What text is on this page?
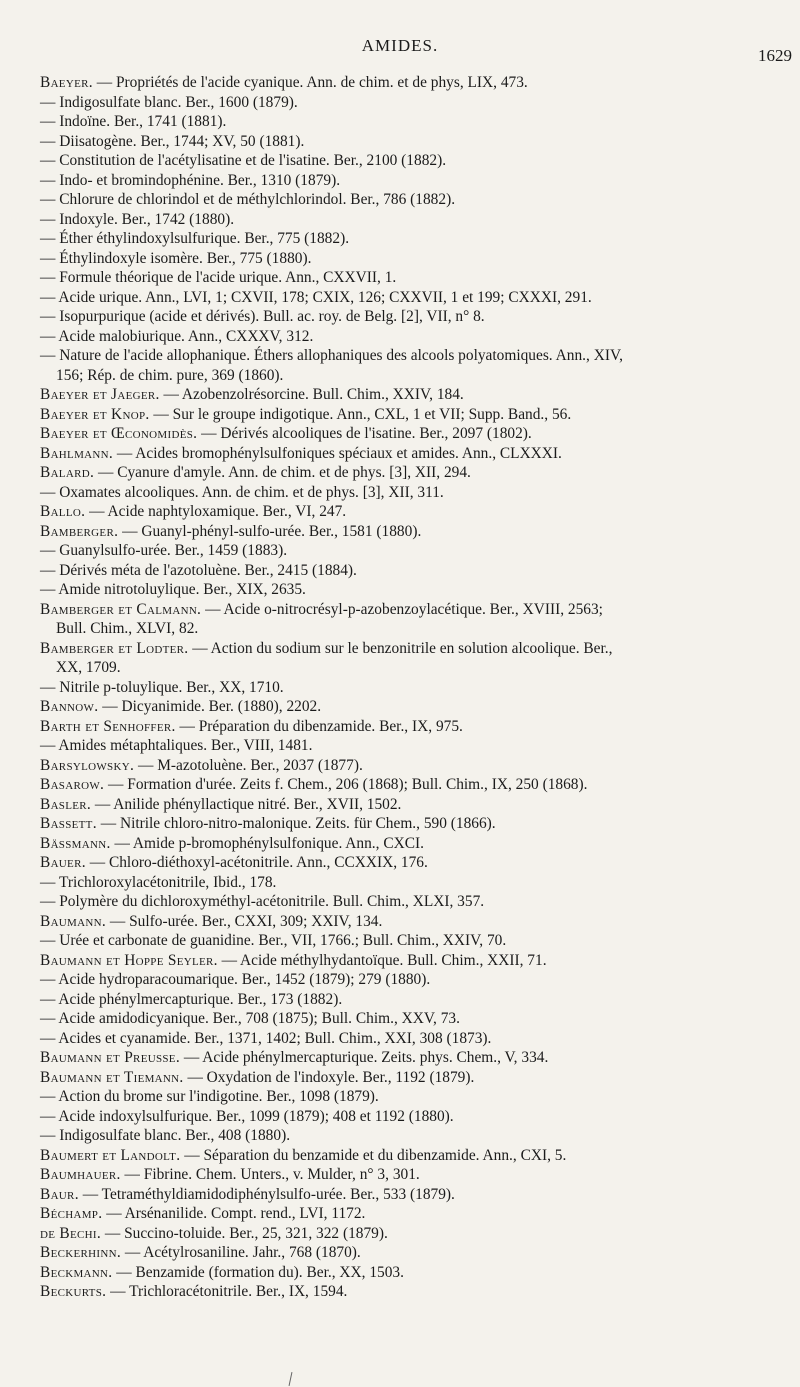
AMIDES.
1629
Baeyer. — Propriétés de l'acide cyanique. Ann. de chim. et de phys, LIX, 473.
— Indigosulfate blanc. Ber., 1600 (1879).
— Indoïne. Ber., 1741 (1881).
— Diisatogène. Ber., 1744; XV, 50 (1881).
— Constitution de l'acétylisatine et de l'isatine. Ber., 2100 (1882).
— Indo- et bromindophénine. Ber., 1310 (1879).
— Chlorure de chlorindol et de méthylchlorindol. Ber., 786 (1882).
— Indoxyle. Ber., 1742 (1880).
— Éther éthylindoxylsulfurique. Ber., 775 (1882).
— Éthylindoxyle isomère. Ber., 775 (1880).
— Formule théorique de l'acide urique. Ann., CXXVII, 1.
— Acide urique. Ann., LVI, 1; CXVII, 178; CXIX, 126; CXXVII, 1 et 199; CXXXI, 291.
— Isopurpurique (acide et dérivés). Bull. ac. roy. de Belg. [2], VII, n° 8.
— Acide malobiurique. Ann., CXXXV, 312.
— Nature de l'acide allophanique. Éthers allophaniques des alcools polyatomiques. Ann., XIV,
156; Rép. de chim. pure, 369 (1860).
Baeyer et Jaeger. — Azobenzolrésorcine. Bull. Chim., XXIV, 184.
Baeyer et Knop. — Sur le groupe indigotique. Ann., CXL, 1 et VII; Supp. Band., 56.
Baeyer et Œconomidès. — Dérivés alcooliques de l'isatine. Ber., 2097 (1802).
Bahlmann. — Acides bromophénylsulfoniques spéciaux et amides. Ann., CLXXXI.
Balard. — Cyanure d'amyle. Ann. de chim. et de phys. [3], XII, 294.
— Oxamates alcooliques. Ann. de chim. et de phys. [3], XII, 311.
Ballo. — Acide naphtyloxamique. Ber., VI, 247.
Bamberger. — Guanyl-phényl-sulfo-urée. Ber., 1581 (1880).
— Guanylsulfo-urée. Ber., 1459 (1883).
— Dérivés méta de l'azotoluène. Ber., 2415 (1884).
— Amide nitrotoluylique. Ber., XIX, 2635.
Bamberger et Calmann. — Acide o-nitrocrésyl-p-azobenzoylacétique. Ber., XVIII, 2563;
Bull. Chim., XLVI, 82.
Bamberger et Lodter. — Action du sodium sur le benzonitrile en solution alcoolique. Ber.,
XX, 1709.
— Nitrile p-toluylique. Ber., XX, 1710.
Bannow. — Dicyanimide. Ber. (1880), 2202.
Barth et Senhoffer. — Préparation du dibenzamide. Ber., IX, 975.
— Amides métaphtaliques. Ber., VIII, 1481.
Barsylowsky. — M-azotoluène. Ber., 2037 (1877).
Basarow. — Formation d'urée. Zeits f. Chem., 206 (1868); Bull. Chim., IX, 250 (1868).
Basler. — Anilide phényllactique nitré. Ber., XVII, 1502.
Bassett. — Nitrile chloro-nitro-malonique. Zeits. für Chem., 590 (1866).
Bässmann. — Amide p-bromophénylsulfonique. Ann., CXCI.
Bauer. — Chloro-diéthoxyl-acétonitrile. Ann., CCXXIX, 176.
— Trichloroxylacétonitrile, Ibid., 178.
— Polymère du dichloroxyméthyl-acétonitrile. Bull. Chim., XLXI, 357.
Baumann. — Sulfo-urée. Ber., CXXI, 309; XXIV, 134.
— Urée et carbonate de guanidine. Ber., VII, 1766.; Bull. Chim., XXIV, 70.
Baumann et Hoppe Seyler. — Acide méthylhydantoïque. Bull. Chim., XXII, 71.
— Acide hydroparacoumarique. Ber., 1452 (1879); 279 (1880).
— Acide phénylmercapturique. Ber., 173 (1882).
— Acide amidodicyanique. Ber., 708 (1875); Bull. Chim., XXV, 73.
— Acides et cyanamide. Ber., 1371, 1402; Bull. Chim., XXI, 308 (1873).
Baumann et Preusse. — Acide phénylmercapturique. Zeits. phys. Chem., V, 334.
Baumann et Tiemann. — Oxydation de l'indoxyle. Ber., 1192 (1879).
— Action du brome sur l'indigotine. Ber., 1098 (1879).
— Acide indoxylsulfurique. Ber., 1099 (1879); 408 et 1192 (1880).
— Indigosulfate blanc. Ber., 408 (1880).
Baumert et Landolt. — Séparation du benzamide et du dibenzamide. Ann., CXI, 5.
Baumhauer. — Fibrine. Chem. Unters., v. Mulder, n° 3, 301.
Baur. — Tetraméthyldiamidodiphénylsulfo-urée. Ber., 533 (1879).
Béchamp. — Arsénanilide. Compt. rend., LVI, 1172.
de Bechi. — Succino-toluide. Ber., 25, 321, 322 (1879).
Beckerhinn. — Acétylrosaniline. Jahr., 768 (1870).
Beckmann. — Benzamide (formation du). Ber., XX, 1503.
Beckurts. — Trichloracétonitrile. Ber., IX, 1594.
